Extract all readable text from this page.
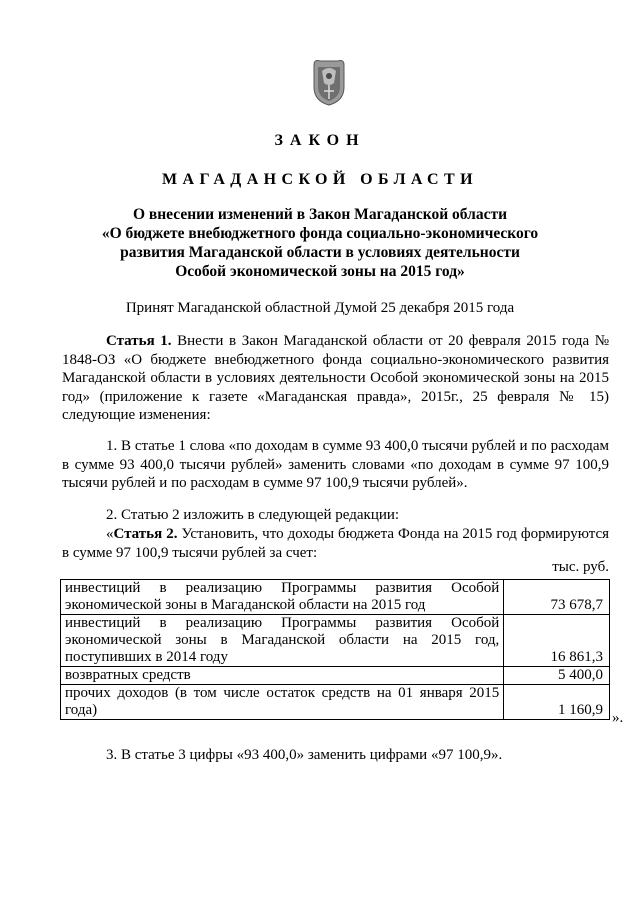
ЗАКОН
МАГАДАНСКОЙ ОБЛАСТИ
О внесении изменений в Закон Магаданской области
«О бюджете внебюджетного фонда социально-экономического
развития Магаданской области в условиях деятельности
Особой экономической зоны на 2015 год»
Принят Магаданской областной Думой 25 декабря 2015 года
Статья 1. Внести в Закон Магаданской области от 20 февраля 2015 года № 1848-ОЗ «О бюджете внебюджетного фонда социально-экономического развития Магаданской области в условиях деятельности Особой экономической зоны на 2015 год» (приложение к газете «Магаданская правда», 2015г., 25 февраля № 15) следующие изменения:
1. В статье 1 слова «по доходам в сумме 93 400,0 тысячи рублей и по расходам в сумме 93 400,0 тысячи рублей» заменить словами «по доходам в сумме 97 100,9 тысячи рублей и по расходам в сумме 97 100,9 тысячи рублей».
2. Статью 2 изложить в следующей редакции:
«Статья 2. Установить, что доходы бюджета Фонда на 2015 год формируются в сумме 97 100,9 тысячи рублей за счет:
тыс. руб.
инвестиций в реализацию Программы развития Особой экономической зоны в Магаданской области на 2015 год	73 678,7
инвестиций в реализацию Программы развития Особой экономической зоны в Магаданской области на 2015 год, поступивших в 2014 году	16 861,3
возвратных средств	5 400,0
прочих доходов (в том числе остаток средств на 01 января 2015 года)	1 160,9 ».
3. В статье 3 цифры «93 400,0» заменить цифрами «97 100,9».
